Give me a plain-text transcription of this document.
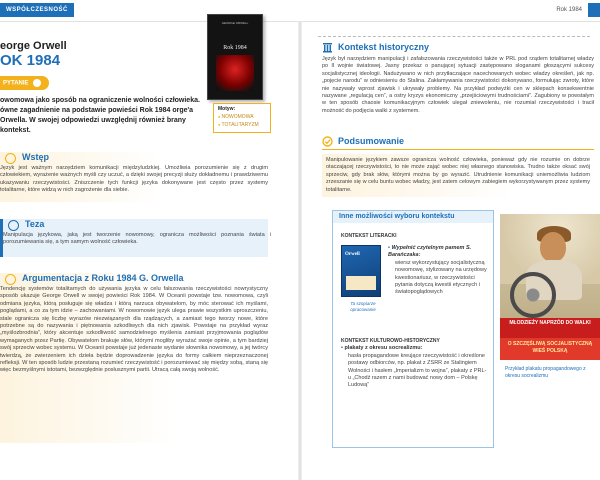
WSPÓŁCZESNOŚĆ	Rok 1984
eorge Orwell
OK 1984
PYTANIE
owomowa jako sposób na ograniczenie wolności człowieka. ówne zagadnienie na podstawie powieści Rok 1984 orge'a Orwella. W swojej odpowiedzi uwzględnij również brany kontekst.
GEORGE ORWELL
Rok 1984
Motyw:
● NOWOMOWA
● TOTALITARYZM
Wstęp
Język jest ważnym narzędziem komunikacji międzyludzkiej. Umożliwia porozumienie się z drugim człowiekiem, wyrażenie ważnych myśli czy uczuć, a dzięki swojej precyzji służy dokładnemu i prawdziwemu ukazywaniu rzeczywistości. Zniszczenie tych funkcji języka dokonywane jest często przez systemy totalitarne, które widzą w nich zagrożenie dla siebie.
Teza
Manipulacja językowa, jaką jest tworzenie nowomowy, ogranicza możliwości poznania świata i porozumiewania się, a tym samym wolność człowieka.
Argumentacja z Roku 1984 G. Orwella
Tendencję systemów totalitarnych do używania języka w celu fałszowania rzeczywistości nowrystyczny sposób ukazuje George Orwell w swojej powieści Rok 1984. W Oceanii powstaje tzw. nowomowa, czyli odmiana języka, którą posługuje się władza i którą narzuca obywatelom, by móc sterować ich myślami, poglądami, a co za tym idzie – zachowaniami. W nowomowie język ulega prawie wszystkim uproszczeniu, stale ogranicza się liczbę wyrazów niezwiązanych dla rządzących, a zamiast tego tworzy nowe, które potrzebne są do nazywania i piętnowania szkodliwych dla nich zjawisk. Powstaje na przykład wyraz „myślozbrodnia”, który akcentuje szkodliwość samodzielnego myślenia zamiast przyjmowania poglądów wymaganych przez Partię. Obywatelom brakuje słów, którymi mogliby wyrażać swoje opinie, a tym bardziej swój sprzeciw wobec systemu. W Oceanii powstaje już jedenaste wydanie słownika nowomowy, a jej twórcy twierdzą, że zwierzeniem ich dzieła będzie doprowadzenie języka do formy całkiem nieprzeznaczonej refleksji. W ten sposób ludzie przestaną rozumieć rzeczywistość i porozumiewać się między sobą, staną się więc bezmyślnymi istotami, bezwzględnie posłusznymi partii. Utracą całą swoją wolność.
Kontekst historyczny
Język był narzędziem manipulacji i zafałszowania rzeczywistości także w PRL pod rządem totalitarnej władzy po II wojnie światowej. Jasny przekaz o panującej sytuacji zastępowano sloganami głoszącymi sukcesy socjalistycznej ideologii. Nadużywano w nich przytłaczające nacechowanych wobec władzy określeń, jak np. „pojęcie narodu” w odniesieniu do Stalina. Zakłamywania rzeczywistości dokonywano, formułując zwroty, które nie nazywały wprost zjawisk i ukrywały problemy. Na przykład podwyżki cen w sklepach konsekwentnie nazywane „regulacją cen”, a ostry kryzys ekonomiczny „przejściowymi trudnościami”. Zagubiony w powstałym w ten sposób chaosie komunikacyjnym człowiek ulegał zniewoleniu, nie rozumiał rzeczywistości i tracił możność do podjęcia walki z systemem.
Podsumowanie
Manipulowanie językiem zawsze ogranicza wolność człowieka, ponieważ gdy nie rozumie on dobrze otaczającej rzeczywistości, to nie może zająć wobec niej własnego stanowiska. Trudno także oksać swój sprzeciw, gdy brak słów, którymi można by go wyrazić. Utrudnienie komunikacji uniemożliwia ludziom zrzeszanie się w celu buntu wobec władzy, jest zatem celowym zabiegiem wykorzystywanym przez systemy totalitarne.
Inne możliwości wyboru kontekstu
KONTEKST LITERACKI
Orwell
Ta szopiarze opracowanie
• Wypełnić czytelnym pamem S. Barańczaka:
wiersz wykorzystujący socjalistyczną nowomowę, stylizowany na urzędowy kwestionariusz, w rzeczywistości pytania dotyczą kwestii etycznych i światopoglądowych
KONTEKST KULTUROWO-HISTORYCZNY
• plakaty z okresu socrealizmu:
hasła propagandowe kreujące rzeczywistość i określone postawy odbiorców, np. plakat z ZSRR ze Stalingiem Wolności i hasłem „Imperializm to wojna”, plakaty z PRL-u „Chodź razem z nami budować nowy dom – Polskę Ludową”
MŁODZIEŻY NAPRZÓD DO WALKI
O SZCZĘŚLIWĄ SOCJALISTYCZNĄ WIEŚ POLSKĄ
Przykład plakatu propagandowego z okresu socrealizmu
